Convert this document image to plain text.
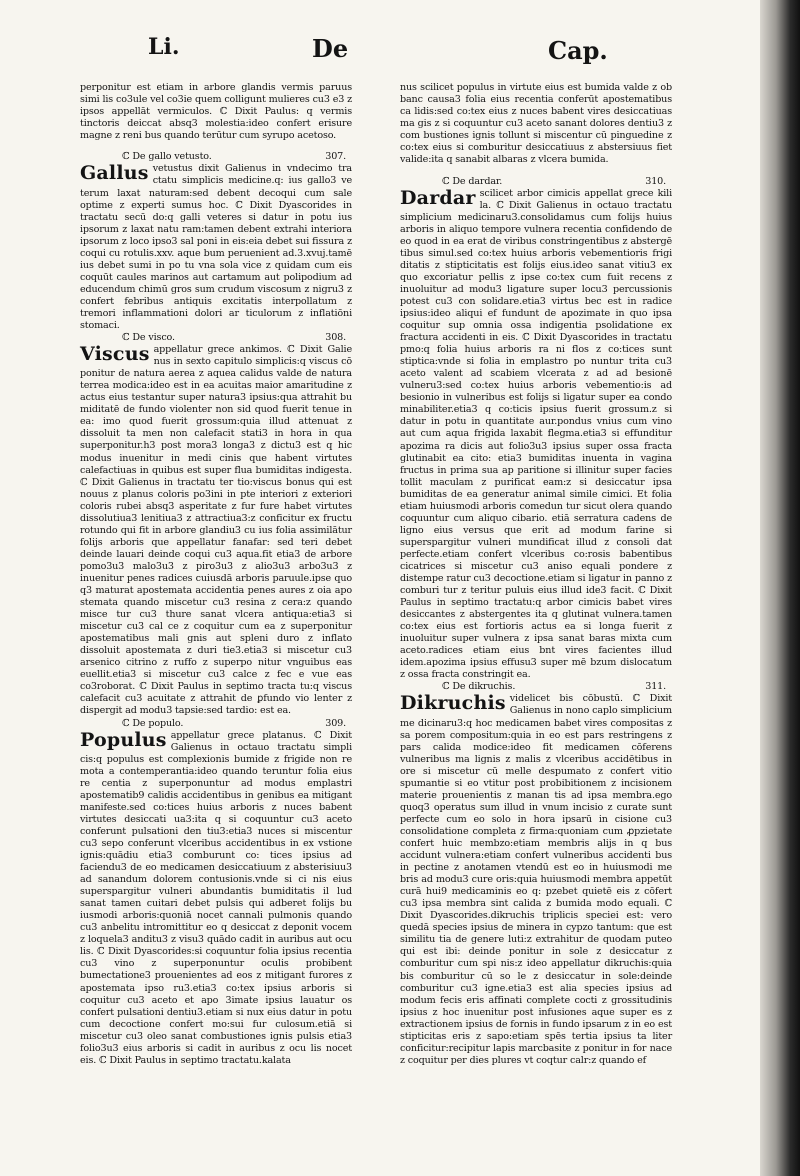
Li.	De	Cap.

perponitur est etiam in arbore glandis vermis paruus simi lis co3ule vel co3ie quem colligunt mulieres cu3 e3 z ipsos appellāt vermiculos. ℂ Dixit Paulus: q vermis tinctoris deiccat absq3 molestia:ideo confert erisure magne z reni bus quando terūtur cum syrupo acetoso.

ℂ De gallo vetusto.	307.

Gallus vetustus dixit Galienus in vndecimo tra ctatu simplicis medicine.q: ius gallo3 ve terum laxat naturam:sed debent decoqui cum sale optime z experti sumus hoc. ℂ Dixit Dyascorides in tractatu secū do:q galli veteres si datur in potu ius ipsorum z laxat natu ram:tamen debent extrahi interiora ipsorum z loco ipso3 sal poni in eis:eia debet sui fissura z coqui cu rotulis.xxv. aque bum peruenient ad.3.xvuj.tamē ius debet sumi in po tu vna sola vice z quidam cum eis coquūt caules marinos aut cartamum aut polipodium ad educendum chimū gros sum crudum viscosum z nigru3 z confert febribus antiquis excitatis interpollatum z tremori inflammationi dolori ar ticulorum z inflatiōni stomaci.

ℂ De visco.	308.

Viscus appellatur grece ankimos. ℂ Dixit Galie nus in sexto capitulo simplicis:q viscus cō ponitur de natura aerea z aquea calidus valde de natura terrea modica:ideo est in ea acuitas maior amaritudine z actus eius testantur super natura3 ipsius:qua attrahit bu miditatē de fundo violenter non sid quod fuerit tenue in ea: imo quod fuerit grossum:quia illud attenuat z dissoluit ta men non calefacit stati3 in hora in qua superponitur.h3 post mora3 longa3 z dictu3 est q hic modus inuenitur in medi cinis que habent virtutes calefactiuas in quibus est super flua bumiditas indigesta. ℂ Dixit Galienus in tractatu ter tio:viscus bonus qui est nouus z planus coloris po3ini in pte interiori z exteriori coloris rubei absq3 asperitate z fur fure habet virtutes dissolutiua3 lenitiua3 z attractiua3:z conficitur ex fructu rotundo qui fit in arbore glandiu3 cu ius folia assimilātur folijs arboris que appellatur fanafar: sed teri debet deinde lauari deinde coqui cu3 aqua.fit etia3 de arbore pomo3u3 malo3u3 z piro3u3 z alio3u3 arbo3u3 z inuenitur penes radices cuiusdā arboris paruule.ipse quo q3 maturat apostemata accidentia penes aures z oia apo stemata quando miscetur cu3 resina z cera:z quando misce tur cu3 thure sanat vlcera antiqua:etia3 si miscetur cu3 cal ce z coquitur cum ea z superponitur apostematibus mali gnis aut spleni duro z inflato dissoluit apostemata z duri tie3.etia3 si miscetur cu3 arsenico citrino z ruffo z superpo nitur vnguibus eas euellit.etia3 si miscetur cu3 calce z fec e vue eas co3roborat. ℂ Dixit Paulus in septimo tracta tu:q viscus calefacit cu3 acuitate z attrahit de ꝑfundo vio lenter z dispergit ad modu3 tapsie:sed tardio: est ea.

ℂ De populo.	309.

Populus appellatur grece platanus. ℂ Dixit Galienus in octauo tractatu simpli cis:q populus est complexionis bumide z frigide non re mota a contemperantia:ideo quando teruntur folia eius re centia z superponuntur ad modus emplastri apostematib9 calidis accidentibus in genibus ea mitigant manifeste.sed co:tices huius arboris z nuces babent virtutes desiccati ua3:ita q si coquuntur cu3 aceto conferunt pulsationi den tiu3:etia3 nuces si miscentur cu3 sepo conferunt vlceribus accidentibus in ex vstione ignis:quādiu etia3 comburunt co: tices ipsius ad faciendu3 de eo medicamen desiccatiuum z absterisiuu3 ad sanandum dolorem contusionis.vnde si ci nis eius superspargitur vulneri abundantis bumiditatis il lud sanat tamen cuitari debet pulsis qui adberet folijs bu iusmodi arboris:quoniā nocet cannali pulmonis quando cu3 anbelitu intromittitur eo q desiccat z deponit vocem z loquela3 anditu3 z visu3 quādo cadit in auribus aut ocu lis. ℂ Dixit Dyascorides:si coquuntur folia ipsius recentia cu3 vino z superponuntur oculis probibent bumectatione3 prouenientes ad eos z mitigant furores z apostemata ipso ru3.etia3 co:tex ipsius arboris si coquitur cu3 aceto et apo 3imate ipsius lauatur os confert pulsationi dentiu3.etiam si nux eius datur in potu cum decoctione confert mo:sui fur culosum.etiā si miscetur cu3 oleo sanat combustiones ignis pulsis etia3 folio3u3 eius arboris si cadit in auribus z ocu lis nocet eis. ℂ Dixit Paulus in septimo tractatu.kalata

nus scilicet populus in virtute eius est bumida valde z ob banc causa3 folia eius recentia conferūt apostematibus ca lidis:sed co:tex eius z nuces babent vires desiccatiuas ma gis z si coquuntur cu3 aceto sanant dolores dentiu3 z com bustiones ignis tollunt si miscentur cū pinguedine z co:tex eius si comburitur desiccatiuus z abstersiuus fiet valide:ita q sanabit albaras z vlcera bumida.

ℂ De dardar.	310.

Dardar scilicet arbor cimicis appellat grece kili la. ℂ Dixit Galienus in octauo tractatu simplicium medicinaru3.consolidamus cum folijs huius arboris in aliquo tempore vulnera recentia confidendo de eo quod in ea erat de viribus constringentibus z abstergē tibus simul.sed co:tex huius arboris vebementioris frigi ditatis z stipticitatis est folijs eius.ideo sanat vitiu3 ex quo excoriatur pellis z ipse co:tex cum fuit recens z inuoluitur ad modu3 ligature super locu3 percussionis potest cu3 con solidare.etia3 virtus bec est in radice ipsius:ideo aliqui ef fundunt de apozimate in quo ipsa coquitur sup omnia ossa indigentia psolidatione ex fractura accidenti in eis. ℂ Dixit Dyascorides in tractatu pmo:q folia huius arboris ra ni flos z co:tices sunt stiptica:vnde si folia in emplastro po nuntur trita cu3 aceto valent ad scabiem vlcerata z ad ad besionē vulneru3:sed co:tex huius arboris vebementio:is ad besionio in vulneribus est folijs si ligatur super ea condo minabiliter.etia3 q co:ticis ipsius fuerit grossum.z si datur in potu in quantitate aur.pondus vnius cum vino aut cum aqua frigida laxabit flegma.etia3 si effunditur apozima ra dicis aut folio3u3 ipsius super ossa fracta glutinabit ea cito: etia3 bumiditas inuenta in vagina fructus in prima sua ap paritione si illinitur super facies tollit maculam z purificat eam:z si desiccatur ipsa bumiditas de ea generatur animal simile cimici. Et folia etiam huiusmodi arboris comedun tur sicut olera quando coquuntur cum aliquo cibario. etiā serratura cadens de ligno eius versus que erit ad modum farine si superspargitur vulneri mundificat illud z consoli dat perfecte.etiam confert vlceribus co:rosis babentibus cicatrices si miscetur cu3 aniso equali pondere z distempe ratur cu3 decoctione.etiam si ligatur in panno z comburi tur z teritur puluis eius illud ide3 facit. ℂ Dixit Paulus in septimo tractatu:q arbor cimicis babet vires desiccantes z abstergentes ita q glutinat vulnera.tamen co:tex eius est fortioris actus ea si longa fuerit z inuoluitur super vulnera z ipsa sanat baras mixta cum aceto.radices etiam eius bnt vires facientes illud idem.apozima ipsius effusu3 super mē bzum dislocatum z ossa fracta constringit ea.

ℂ De dikruchis.	311.

Dikruchis videlicet bis cōbustū. ℂ Dixit Galienus in nono caplo simplicium me dicinaru3:q hoc medicamen babet vires compositas z sa porem compositum:quia in eo est pars restringens z pars calida modice:ideo fit medicamen cōferens vulneribus ma lignis z malis z vlceribus accidētibus in ore si miscetur cū melle despumato z confert vitio spumantie si eo vtitur post probibitionem z incisionem materie prouenientis z manan tis ad ipsa membra.ego quoq3 operatus sum illud in vnum incisio z curate sunt perfecte cum eo solo in hora ipsarū in cisione cu3 consolidatione completa z firma:quoniam cum ꝓpzietate confert huic membzo:etiam membris alijs in q bus accidunt vulnera:etiam confert vulneribus accidenti bus in pectine z anotamen vtendū est eo in huiusmodi me bris ad modu3 cure oris:quia huiusmodi membra appetūt curā hui9 medicaminis eo q: pzebet quietē eis z cōfert cu3 ipsa membra sint calida z bumida modo equali. ℂ Dixit Dyascorides.dikruchis triplicis speciei est: vero quedā species ipsius de minera in cypzo tantum: que est similitu tia de genere luti:z extrahitur de quodam puteo qui est ibi: deinde ponitur in sole z desiccatur z comburitur cum spi nis:z ideo appellatur dikruchis:quia bis comburitur cū so le z desiccatur in sole:deinde comburitur cu3 igne.etia3 est alia species ipsius ad modum fecis eris affinati complete cocti z grossitudinis ipsius z hoc inuenitur post infusiones aque super es z extractionem ipsius de fornis in fundo ipsarum z in eo est stipticitas eris z sapo:etiam spēs tertia ipsius ta liter conficitur:recipitur lapis marcbasite z ponitur in for nace z coquitur per dies plures vt coqtur calr:z quando ef
